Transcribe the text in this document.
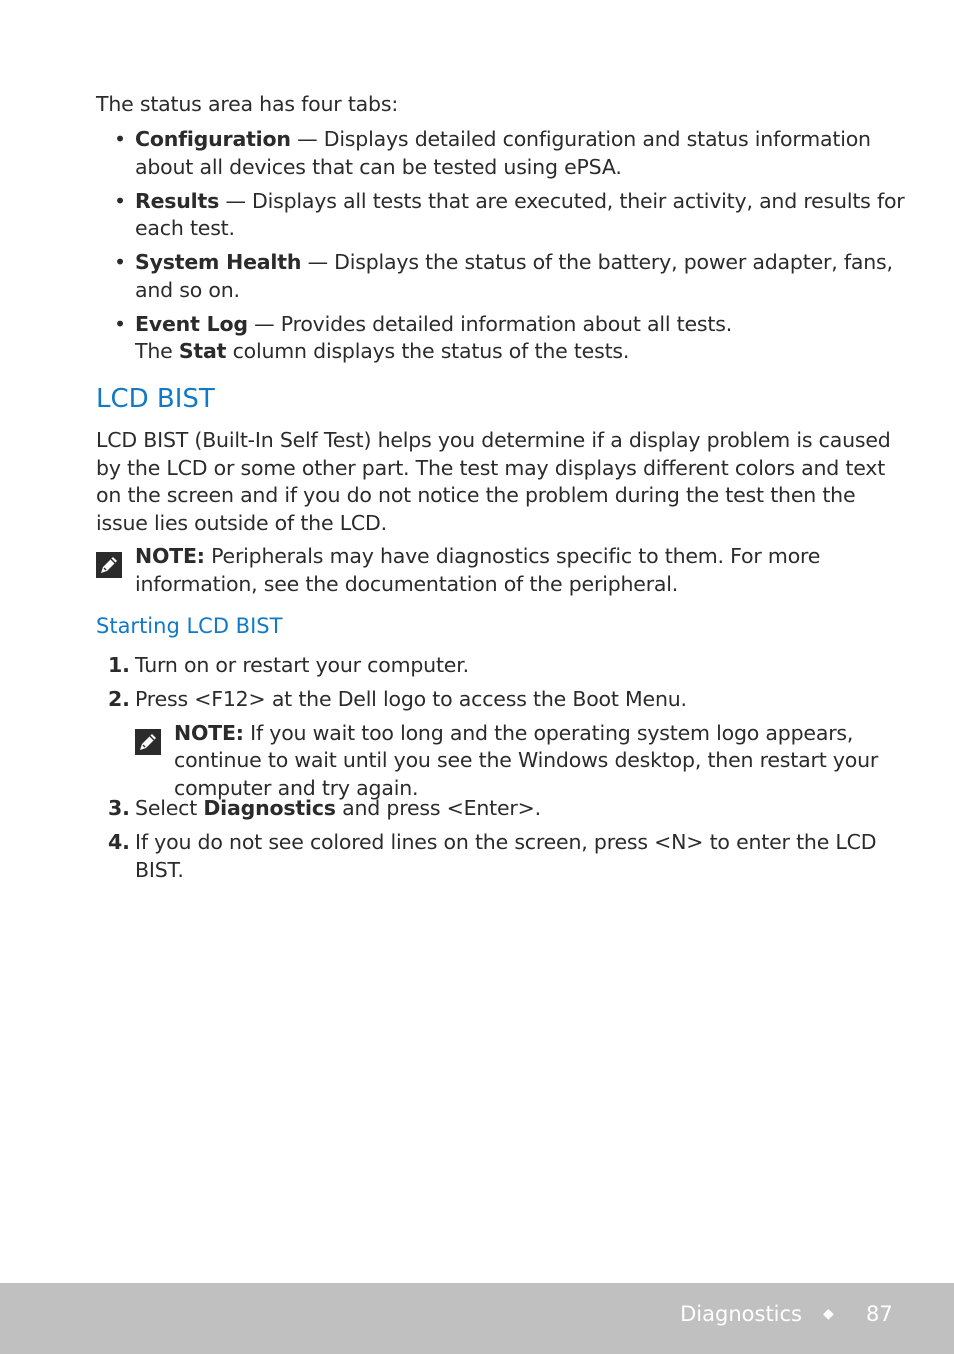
The status area has four tabs:
• Configuration — Displays detailed configuration and status information about all devices that can be tested using ePSA.
• Results — Displays all tests that are executed, their activity, and results for each test.
• System Health — Displays the status of the battery, power adapter, fans, and so on.
• Event Log — Provides detailed information about all tests.
The Stat column displays the status of the tests.
LCD BIST
LCD BIST (Built-In Self Test) helps you determine if a display problem is caused by the LCD or some other part. The test may displays different colors and text on the screen and if you do not notice the problem during the test then the issue lies outside of the LCD.
NOTE: Peripherals may have diagnostics specific to them. For more information, see the documentation of the peripheral.
Starting LCD BIST
1. Turn on or restart your computer.
2. Press <F12> at the Dell logo to access the Boot Menu.
NOTE: If you wait too long and the operating system logo appears, continue to wait until you see the Windows desktop, then restart your computer and try again.
3. Select Diagnostics and press <Enter>.
4. If you do not see colored lines on the screen, press <N> to enter the LCD BIST.
Diagnostics	87
◆
